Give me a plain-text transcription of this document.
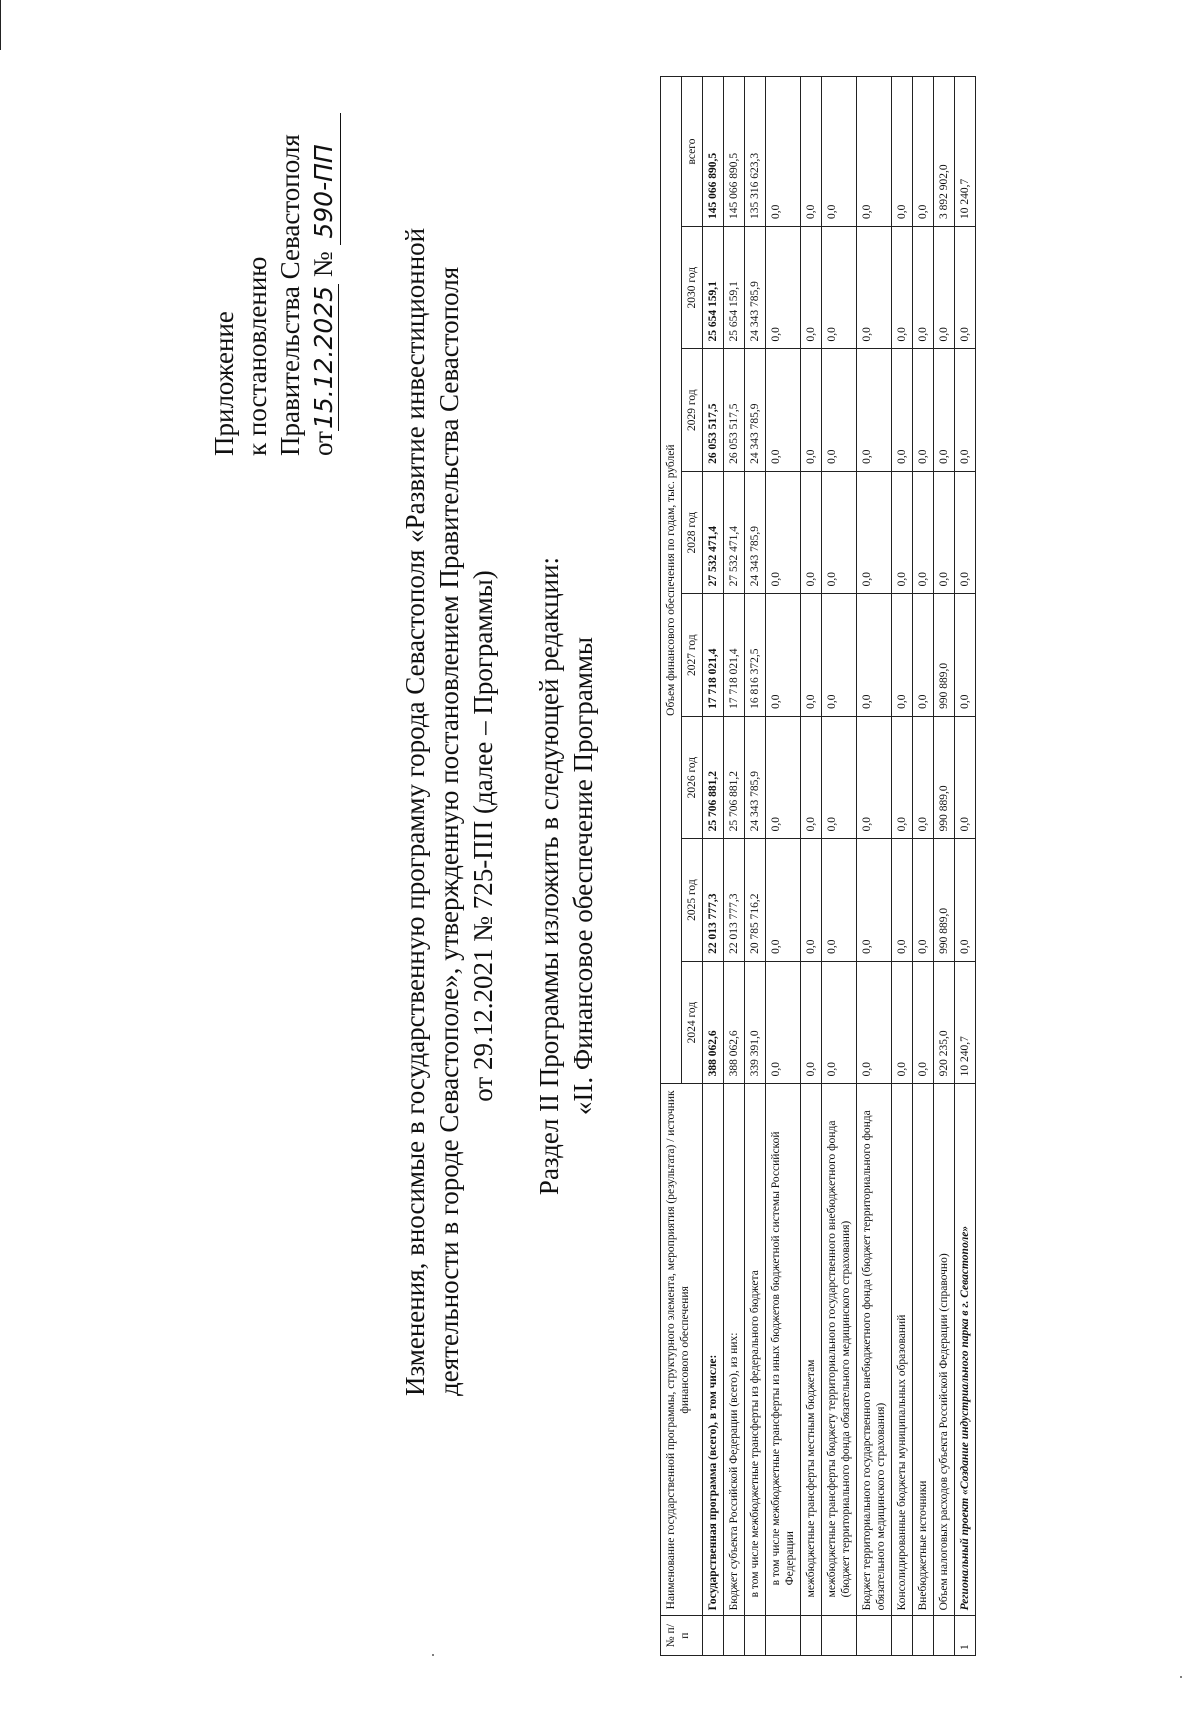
Приложение к постановлению Правительства Севастополя от15.12.2025 № 590-ПП
Изменения, вносимые в государственную программу города Севастополя «Развитие инвестиционной деятельности в городе Севастополе», утвержденную постановлением Правительства Севастополя от 29.12.2021 № 725-ПП (далее – Программы) Раздел II Программы изложить в следующей редакции: «II. Финансовое обеспечение Программы
№ п/п	Наименование государственной программы, структурного элемента, мероприятия (результата) / источник финансового обеспечения	Объем финансового обеспечения по годам, тыс. рублей							
		2024 год	2025 год	2026 год	2027 год	2028 год	2029 год	2030 год	всего
	Государственная программа (всего), в том числе:	388 062,6	22 013 777,3	25 706 881,2	17 718 021,4	27 532 471,4	26 053 517,5	25 654 159,1	145 066 890,5
	Бюджет субъекта Российской Федерации (всего), из них:	388 062,6	22 013 777,3	25 706 881,2	17 718 021,4	27 532 471,4	26 053 517,5	25 654 159,1	145 066 890,5
	в том числе межбюджетные трансферты из федерального бюджета	339 391,0	20 785 716,2	24 343 785,9	16 816 372,5	24 343 785,9	24 343 785,9	24 343 785,9	135 316 623,3
	в том числе межбюджетные трансферты из иных бюджетов бюджетной системы Российской Федерации	0,0	0,0	0,0	0,0	0,0	0,0	0,0	0,0
	межбюджетные трансферты местным бюджетам	0,0	0,0	0,0	0,0	0,0	0,0	0,0	0,0
	межбюджетные трансферты бюджету территориального государственного внебюджетного фонда (бюджет территориального фонда обязательного медицинского страхования)	0,0	0,0	0,0	0,0	0,0	0,0	0,0	0,0
	Бюджет территориального государственного внебюджетного фонда (бюджет территориального фонда обязательного медицинского страхования)	0,0	0,0	0,0	0,0	0,0	0,0	0,0	0,0
	Консолидированные бюджеты муниципальных образований	0,0	0,0	0,0	0,0	0,0	0,0	0,0	0,0
	Внебюджетные источники	0,0	0,0	0,0	0,0	0,0	0,0	0,0	0,0
	Объем налоговых расходов субъекта Российской Федерации (справочно)	920 235,0	990 889,0	990 889,0	990 889,0	0,0	0,0	0,0	3 892 902,0
1	Региональный проект «Создание индустриального парка в г. Севастополе»	10 240,7	0,0	0,0	0,0	0,0	0,0	0,0	10 240,7
